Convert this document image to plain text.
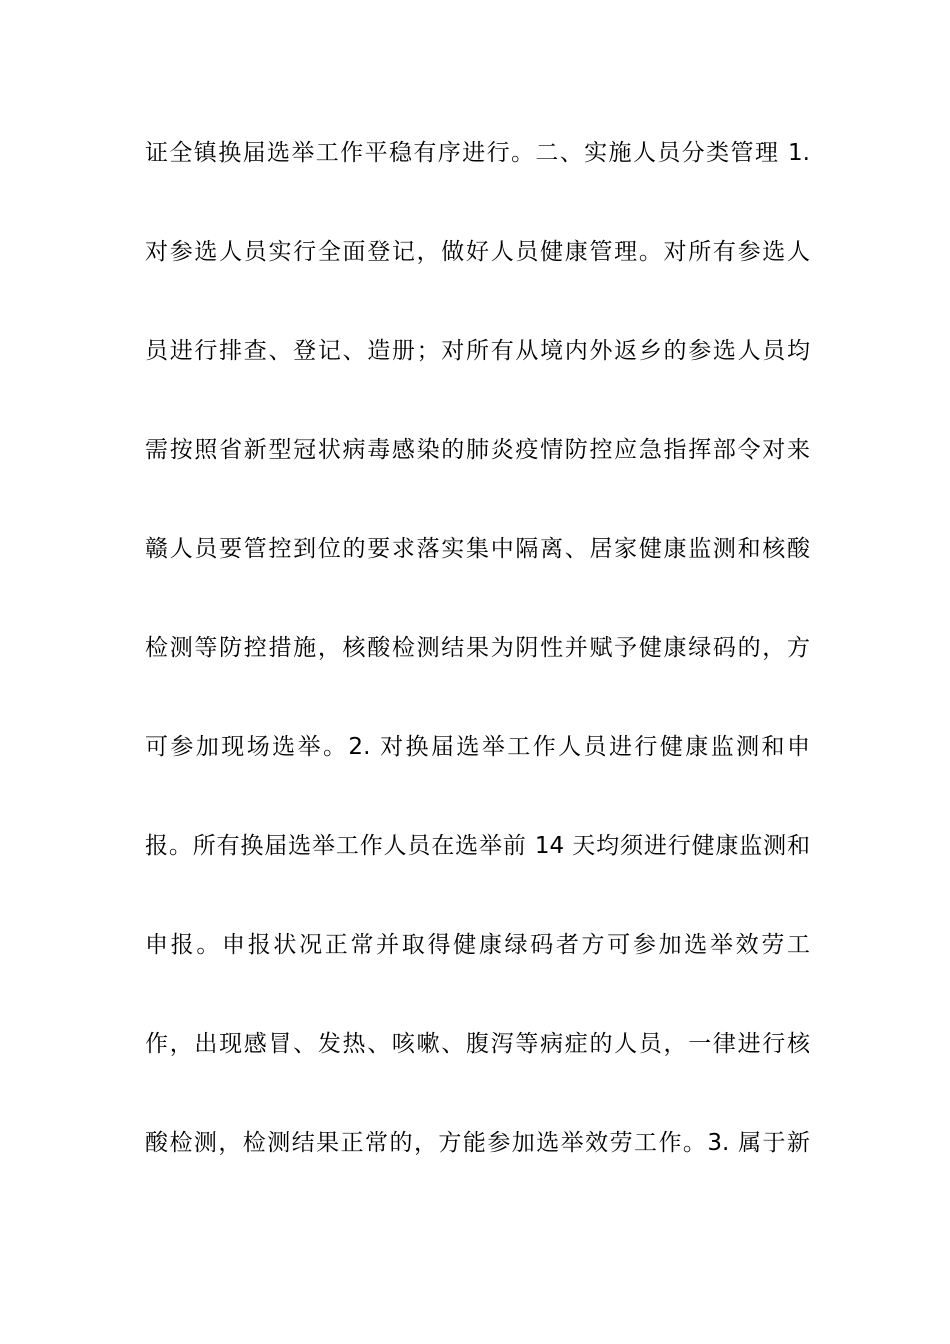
证全镇换届选举工作平稳有序进行。二、实施人员分类管理 1.
对参选人员实行全面登记，做好人员健康管理。对所有参选人
员进行排查、登记、造册；对所有从境内外返乡的参选人员均
需按照省新型冠状病毒感染的肺炎疫情防控应急指挥部令对来
赣人员要管控到位的要求落实集中隔离、居家健康监测和核酸
检测等防控措施，核酸检测结果为阴性并赋予健康绿码的，方
可参加现场选举。2. 对换届选举工作人员进行健康监测和申
报。所有换届选举工作人员在选举前 14 天均须进行健康监测和
申报。申报状况正常并取得健康绿码者方可参加选举效劳工
作，出现感冒、发热、咳嗽、腹泻等病症的人员，一律进行核
酸检测，检测结果正常的，方能参加选举效劳工作。3. 属于新
